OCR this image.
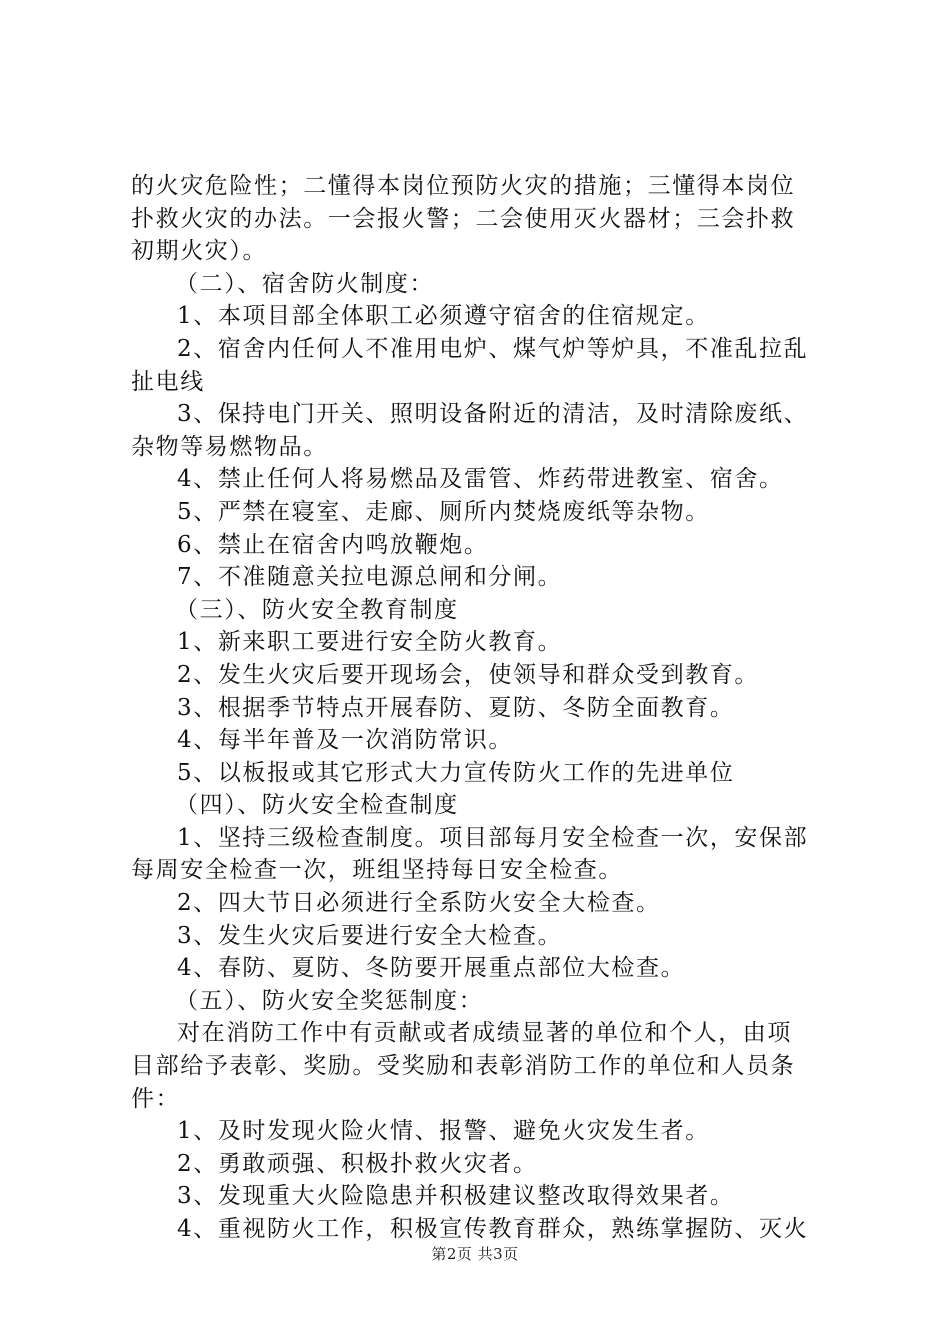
的火灾危险性；二懂得本岗位预防火灾的措施；三懂得本岗位
扑救火灾的办法。一会报火警；二会使用灭火器材；三会扑救
初期火灾）。
（二）、宿舍防火制度：
1、本项目部全体职工必须遵守宿舍的住宿规定。
2、宿舍内任何人不准用电炉、煤气炉等炉具，不准乱拉乱
扯电线
3、保持电门开关、照明设备附近的清洁，及时清除废纸、
杂物等易燃物品。
4、禁止任何人将易燃品及雷管、炸药带进教室、宿舍。
5、严禁在寝室、走廊、厕所内焚烧废纸等杂物。
6、禁止在宿舍内鸣放鞭炮。
7、不准随意关拉电源总闸和分闸。
（三）、防火安全教育制度
1、新来职工要进行安全防火教育。
2、发生火灾后要开现场会，使领导和群众受到教育。
3、根据季节特点开展春防、夏防、冬防全面教育。
4、每半年普及一次消防常识。
5、以板报或其它形式大力宣传防火工作的先进单位
（四）、防火安全检查制度
1、坚持三级检查制度。项目部每月安全检查一次，安保部
每周安全检查一次，班组坚持每日安全检查。
2、四大节日必须进行全系防火安全大检查。
3、发生火灾后要进行安全大检查。
4、春防、夏防、冬防要开展重点部位大检查。
（五）、防火安全奖惩制度：
对在消防工作中有贡献或者成绩显著的单位和个人，由项
目部给予表彰、奖励。受奖励和表彰消防工作的单位和人员条
件：
1、及时发现火险火情、报警、避免火灾发生者。
2、勇敢顽强、积极扑救火灾者。
3、发现重大火险隐患并积极建议整改取得效果者。
4、重视防火工作，积极宣传教育群众，熟练掌握防、灭火
第2页 共3页
